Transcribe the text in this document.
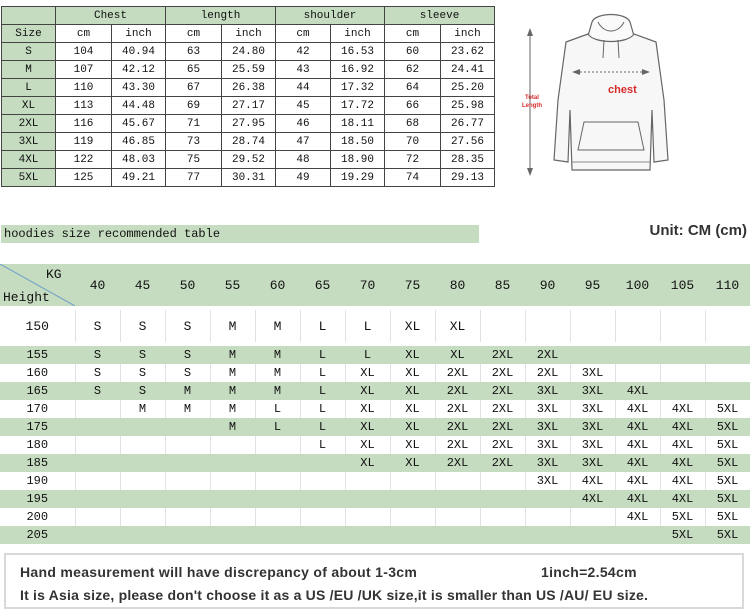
	Chest		length		shoulder		sleeve	
Size	cm	inch	cm	inch	cm	inch	cm	inch
S	104	40.94	63	24.80	42	16.53	60	23.62
M	107	42.12	65	25.59	43	16.92	62	24.41
L	110	43.30	67	26.38	44	17.32	64	25.20
XL	113	44.48	69	27.17	45	17.72	66	25.98
2XL	116	45.67	71	27.95	46	18.11	68	26.77
3XL	119	46.85	73	28.74	47	18.50	70	27.56
4XL	122	48.03	75	29.52	48	18.90	72	28.35
5XL	125	49.21	77	30.31	49	19.29	74	29.13
chest
Total
Length
hoodies size recommended table	Unit: CM (cm)
KG
Height	40	45	50	55	60	65	70	75	80	85	90	95	100	105	110

150	S	S	S	M	M	L	L	XL	XL						

155	S	S	S	M	M	L	L	XL	XL	2XL	2XL				
160	S	S	S	M	M	L	XL	XL	2XL	2XL	2XL	3XL			
165	S	S	M	M	M	L	XL	XL	2XL	2XL	3XL	3XL	4XL		
170		M	M	M	L	L	XL	XL	2XL	2XL	3XL	3XL	4XL	4XL	5XL
175				M	L	L	XL	XL	2XL	2XL	3XL	3XL	4XL	4XL	5XL
180						L	XL	XL	2XL	2XL	3XL	3XL	4XL	4XL	5XL
185							XL	XL	2XL	2XL	3XL	3XL	4XL	4XL	5XL
190											3XL	4XL	4XL	4XL	5XL
195												4XL	4XL	4XL	5XL
200													4XL	5XL	5XL
205														5XL	5XL
Hand measurement will have discrepancy of about 1-3cm	1inch=2.54cm
It is Asia size, please don't choose it as a US /EU /UK size,it is smaller than US /AU/ EU size.
